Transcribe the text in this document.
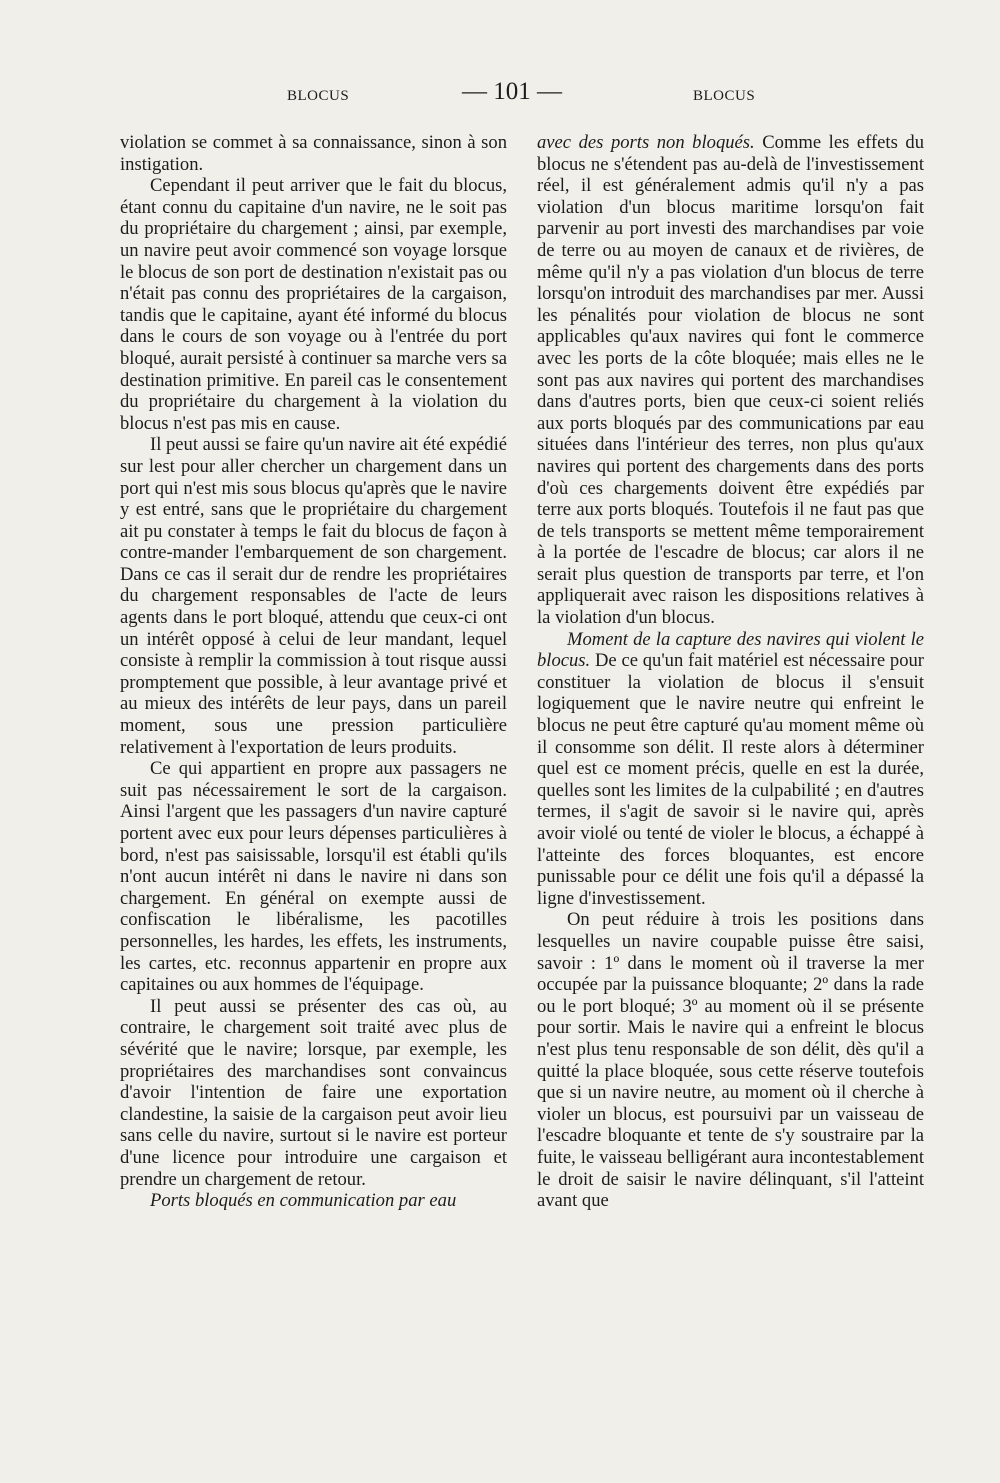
BLOCUS	— 101 —	BLOCUS

violation se commet à sa connaissance, sinon à son instigation.

Cependant il peut arriver que le fait du blocus, étant connu du capitaine d'un navire, ne le soit pas du propriétaire du chargement ; ainsi, par exemple, un navire peut avoir commencé son voyage lorsque le blocus de son port de destination n'existait pas ou n'était pas connu des propriétaires de la cargaison, tandis que le capitaine, ayant été informé du blocus dans le cours de son voyage ou à l'entrée du port bloqué, aurait persisté à continuer sa marche vers sa destination primitive. En pareil cas le consentement du propriétaire du chargement à la violation du blocus n'est pas mis en cause.

Il peut aussi se faire qu'un navire ait été expédié sur lest pour aller chercher un chargement dans un port qui n'est mis sous blocus qu'après que le navire y est entré, sans que le propriétaire du chargement ait pu constater à temps le fait du blocus de façon à contre-mander l'embarquement de son chargement. Dans ce cas il serait dur de rendre les propriétaires du chargement responsables de l'acte de leurs agents dans le port bloqué, attendu que ceux-ci ont un intérêt opposé à celui de leur mandant, lequel consiste à remplir la commission à tout risque aussi promptement que possible, à leur avantage privé et au mieux des intérêts de leur pays, dans un pareil moment, sous une pression particulière relativement à l'exportation de leurs produits.

Ce qui appartient en propre aux passagers ne suit pas nécessairement le sort de la cargaison. Ainsi l'argent que les passagers d'un navire capturé portent avec eux pour leurs dépenses particulières à bord, n'est pas saisissable, lorsqu'il est établi qu'ils n'ont aucun intérêt ni dans le navire ni dans son chargement. En général on exempte aussi de confiscation le libéralisme, les pacotilles personnelles, les hardes, les effets, les instruments, les cartes, etc. reconnus appartenir en propre aux capitaines ou aux hommes de l'équipage.

Il peut aussi se présenter des cas où, au contraire, le chargement soit traité avec plus de sévérité que le navire; lorsque, par exemple, les propriétaires des marchandises sont convaincus d'avoir l'intention de faire une exportation clandestine, la saisie de la cargaison peut avoir lieu sans celle du navire, surtout si le navire est porteur d'une licence pour introduire une cargaison et prendre un chargement de retour.

Ports bloqués en communication par eau

avec des ports non bloqués. Comme les effets du blocus ne s'étendent pas au-delà de l'investissement réel, il est généralement admis qu'il n'y a pas violation d'un blocus maritime lorsqu'on fait parvenir au port investi des marchandises par voie de terre ou au moyen de canaux et de rivières, de même qu'il n'y a pas violation d'un blocus de terre lorsqu'on introduit des marchandises par mer. Aussi les pénalités pour violation de blocus ne sont applicables qu'aux navires qui font le commerce avec les ports de la côte bloquée; mais elles ne le sont pas aux navires qui portent des marchandises dans d'autres ports, bien que ceux-ci soient reliés aux ports bloqués par des communications par eau situées dans l'intérieur des terres, non plus qu'aux navires qui portent des chargements dans des ports d'où ces chargements doivent être expédiés par terre aux ports bloqués. Toutefois il ne faut pas que de tels transports se mettent même temporairement à la portée de l'escadre de blocus; car alors il ne serait plus question de transports par terre, et l'on appliquerait avec raison les dispositions relatives à la violation d'un blocus.

Moment de la capture des navires qui violent le blocus. De ce qu'un fait matériel est nécessaire pour constituer la violation de blocus il s'ensuit logiquement que le navire neutre qui enfreint le blocus ne peut être capturé qu'au moment même où il consomme son délit. Il reste alors à déterminer quel est ce moment précis, quelle en est la durée, quelles sont les limites de la culpabilité ; en d'autres termes, il s'agit de savoir si le navire qui, après avoir violé ou tenté de violer le blocus, a échappé à l'atteinte des forces bloquantes, est encore punissable pour ce délit une fois qu'il a dépassé la ligne d'investissement.

On peut réduire à trois les positions dans lesquelles un navire coupable puisse être saisi, savoir : 1º dans le moment où il traverse la mer occupée par la puissance bloquante; 2º dans la rade ou le port bloqué; 3º au moment où il se présente pour sortir. Mais le navire qui a enfreint le blocus n'est plus tenu responsable de son délit, dès qu'il a quitté la place bloquée, sous cette réserve toutefois que si un navire neutre, au moment où il cherche à violer un blocus, est poursuivi par un vaisseau de l'escadre bloquante et tente de s'y soustraire par la fuite, le vaisseau belligérant aura incontestablement le droit de saisir le navire délinquant, s'il l'atteint avant que
